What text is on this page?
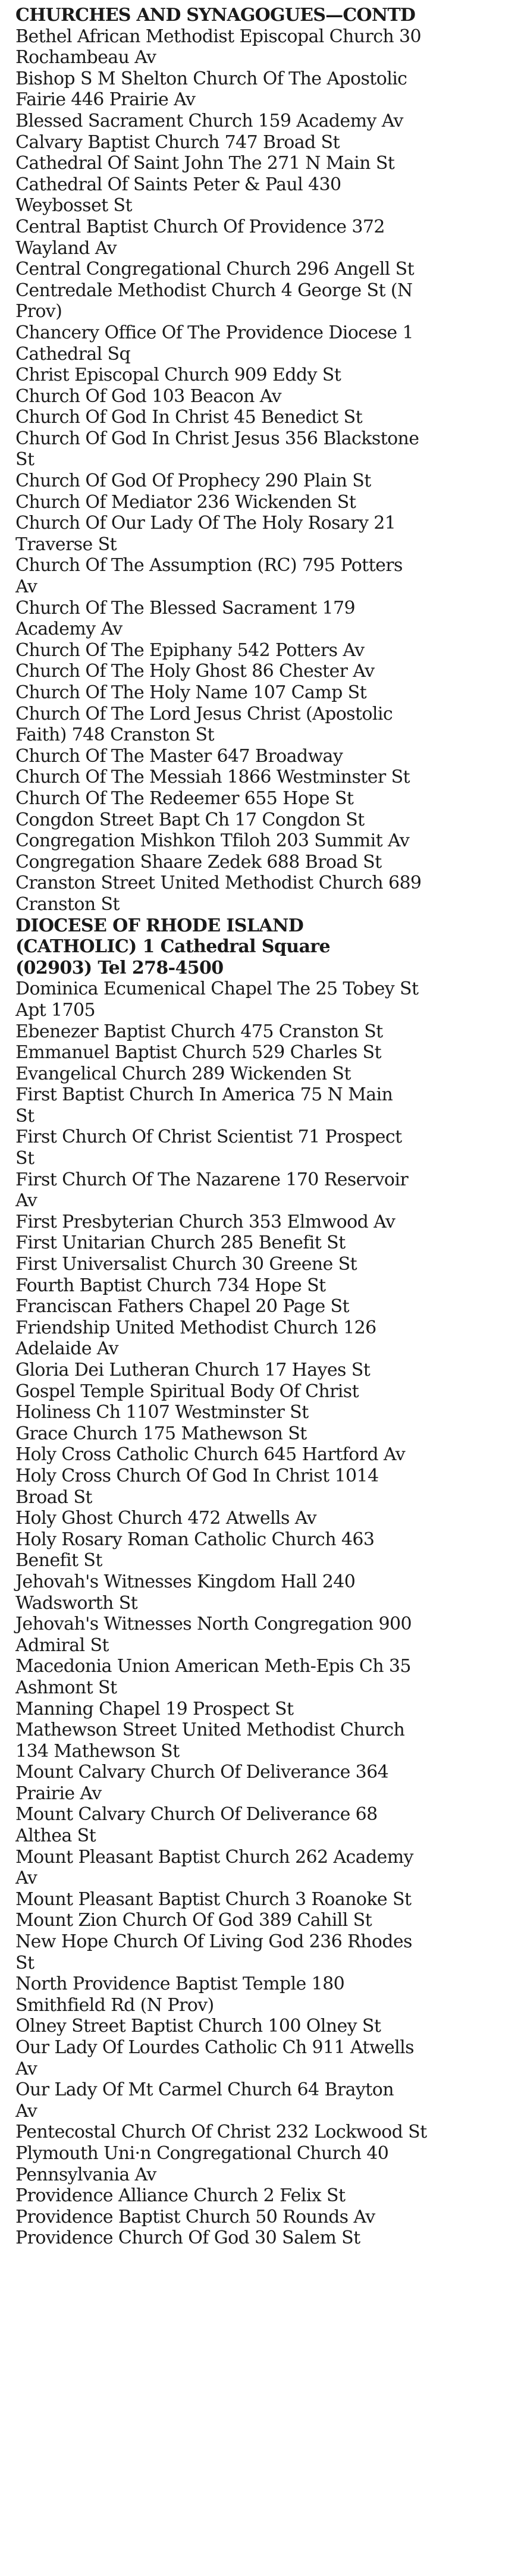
CHURCHES AND SYNAGOGUES—CONTD
Bethel African Methodist Episcopal Church 30
Rochambeau Av
Bishop S M Shelton Church Of The Apostolic
Fairie 446 Prairie Av
Blessed Sacrament Church 159 Academy Av
Calvary Baptist Church 747 Broad St
Cathedral Of Saint John The 271 N Main St
Cathedral Of Saints Peter & Paul 430
Weybosset St
Central Baptist Church Of Providence 372
Wayland Av
Central Congregational Church 296 Angell St
Centredale Methodist Church 4 George St (N
Prov)
Chancery Office Of The Providence Diocese 1
Cathedral Sq
Christ Episcopal Church 909 Eddy St
Church Of God 103 Beacon Av
Church Of God In Christ 45 Benedict St
Church Of God In Christ Jesus 356 Blackstone
St
Church Of God Of Prophecy 290 Plain St
Church Of Mediator 236 Wickenden St
Church Of Our Lady Of The Holy Rosary 21
Traverse St
Church Of The Assumption (RC) 795 Potters
Av
Church Of The Blessed Sacrament 179
Academy Av
Church Of The Epiphany 542 Potters Av
Church Of The Holy Ghost 86 Chester Av
Church Of The Holy Name 107 Camp St
Church Of The Lord Jesus Christ (Apostolic
Faith) 748 Cranston St
Church Of The Master 647 Broadway
Church Of The Messiah 1866 Westminster St
Church Of The Redeemer 655 Hope St
Congdon Street Bapt Ch 17 Congdon St
Congregation Mishkon Tfiloh 203 Summit Av
Congregation Shaare Zedek 688 Broad St
Cranston Street United Methodist Church 689
Cranston St
DIOCESE OF RHODE ISLAND
(CATHOLIC) 1 Cathedral Square
(02903) Tel 278-4500
Dominica Ecumenical Chapel The 25 Tobey St
Apt 1705
Ebenezer Baptist Church 475 Cranston St
Emmanuel Baptist Church 529 Charles St
Evangelical Church 289 Wickenden St
First Baptist Church In America 75 N Main
St
First Church Of Christ Scientist 71 Prospect
St
First Church Of The Nazarene 170 Reservoir
Av
First Presbyterian Church 353 Elmwood Av
First Unitarian Church 285 Benefit St
First Universalist Church 30 Greene St
Fourth Baptist Church 734 Hope St
Franciscan Fathers Chapel 20 Page St
Friendship United Methodist Church 126
Adelaide Av
Gloria Dei Lutheran Church 17 Hayes St
Gospel Temple Spiritual Body Of Christ
Holiness Ch 1107 Westminster St
Grace Church 175 Mathewson St
Holy Cross Catholic Church 645 Hartford Av
Holy Cross Church Of God In Christ 1014
Broad St
Holy Ghost Church 472 Atwells Av
Holy Rosary Roman Catholic Church 463
Benefit St
Jehovah's Witnesses Kingdom Hall 240
Wadsworth St
Jehovah's Witnesses North Congregation 900
Admiral St
Macedonia Union American Meth-Epis Ch 35
Ashmont St
Manning Chapel 19 Prospect St
Mathewson Street United Methodist Church
134 Mathewson St
Mount Calvary Church Of Deliverance 364
Prairie Av
Mount Calvary Church Of Deliverance 68
Althea St
Mount Pleasant Baptist Church 262 Academy
Av
Mount Pleasant Baptist Church 3 Roanoke St
Mount Zion Church Of God 389 Cahill St
New Hope Church Of Living God 236 Rhodes
St
North Providence Baptist Temple 180
Smithfield Rd (N Prov)
Olney Street Baptist Church 100 Olney St
Our Lady Of Lourdes Catholic Ch 911 Atwells
Av
Our Lady Of Mt Carmel Church 64 Brayton
Av
Pentecostal Church Of Christ 232 Lockwood St
Plymouth Uni·n Congregational Church 40
Pennsylvania Av
Providence Alliance Church 2 Felix St
Providence Baptist Church 50 Rounds Av
Providence Church Of God 30 Salem St
